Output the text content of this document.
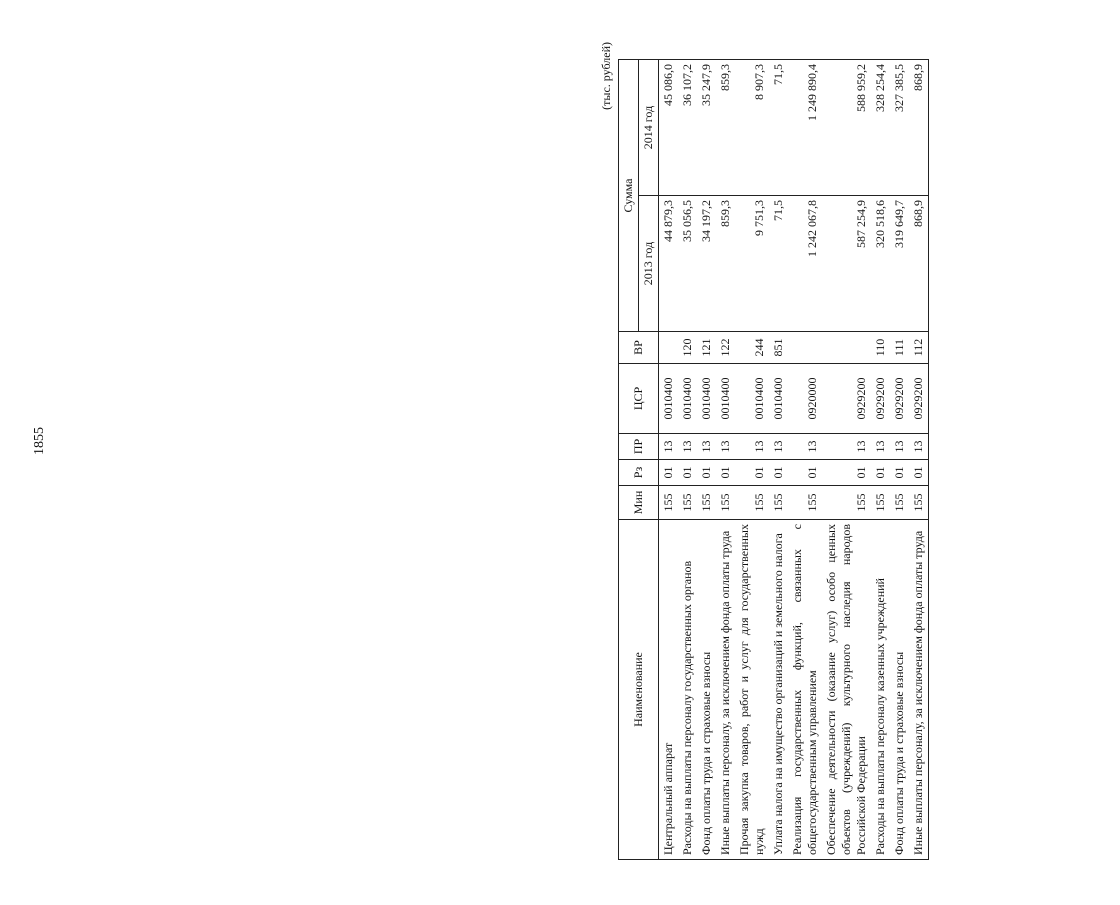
1855
(тыс. рублей)
Наименование	Мин	Рз	ПР	ЦСР	ВР	Сумма	
						2013 год	2014 год
Центральный аппарат	155	01	13	0010400		44 879,3	45 086,0
Расходы на выплаты персоналу государственных органов	155	01	13	0010400	120	35 056,5	36 107,2
Фонд оплаты труда и страховые взносы	155	01	13	0010400	121	34 197,2	35 247,9
Иные выплаты персоналу, за исключением фонда оплаты труда	155	01	13	0010400	122	859,3	859,3
Прочая закупка товаров, работ и услуг для государственных нужд	155	01	13	0010400	244	9 751,3	8 907,3
Уплата налога на имущество организаций и земельного налога	155	01	13	0010400	851	71,5	71,5
Реализация государственных функций, связанных с общегосударственным управлением	155	01	13	0920000		1 242 067,8	1 249 890,4
Обеспечение деятельности (оказание услуг) особо ценных объектов (учреждений) культурного наследия народов Российской Федерации	155	01	13	0929200		587 254,9	588 959,2
Расходы на выплаты персоналу казенных учреждений	155	01	13	0929200	110	320 518,6	328 254,4
Фонд оплаты труда и страховые взносы	155	01	13	0929200	111	319 649,7	327 385,5
Иные выплаты персоналу, за исключением фонда оплаты труда	155	01	13	0929200	112	868,9	868,9
